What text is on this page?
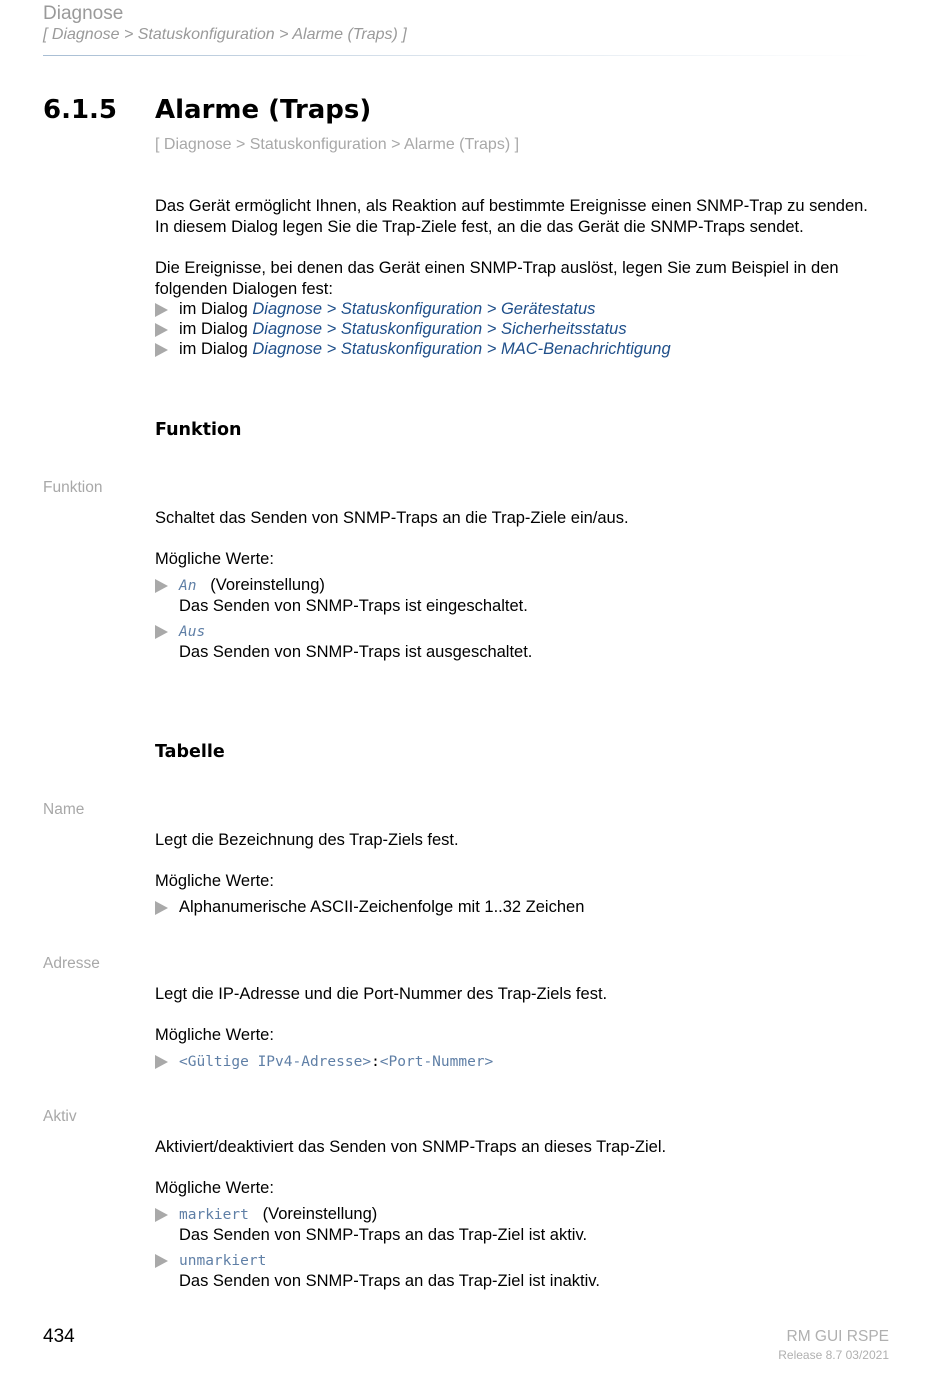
Diagnose
[ Diagnose > Statuskonfiguration > Alarme (Traps) ]
6.1.5 Alarme (Traps)
[ Diagnose > Statuskonfiguration > Alarme (Traps) ]
Das Gerät ermöglicht Ihnen, als Reaktion auf bestimmte Ereignisse einen SNMP-Trap zu senden.
In diesem Dialog legen Sie die Trap-Ziele fest, an die das Gerät die SNMP-Traps sendet.
Die Ereignisse, bei denen das Gerät einen SNMP-Trap auslöst, legen Sie zum Beispiel in den
folgenden Dialogen fest:
im Dialog Diagnose > Statuskonfiguration > Gerätestatus
im Dialog Diagnose > Statuskonfiguration > Sicherheitsstatus
im Dialog Diagnose > Statuskonfiguration > MAC-Benachrichtigung
Funktion
Funktion
Schaltet das Senden von SNMP-Traps an die Trap-Ziele ein/aus.
Mögliche Werte:
An (Voreinstellung)
Das Senden von SNMP-Traps ist eingeschaltet.
Aus
Das Senden von SNMP-Traps ist ausgeschaltet.
Tabelle
Name
Legt die Bezeichnung des Trap-Ziels fest.
Mögliche Werte:
Alphanumerische ASCII-Zeichenfolge mit 1..32 Zeichen
Adresse
Legt die IP-Adresse und die Port-Nummer des Trap-Ziels fest.
Mögliche Werte:
<Gültige IPv4-Adresse>:<Port-Nummer>
Aktiv
Aktiviert/deaktiviert das Senden von SNMP-Traps an dieses Trap-Ziel.
Mögliche Werte:
markiert (Voreinstellung)
Das Senden von SNMP-Traps an das Trap-Ziel ist aktiv.
unmarkiert
Das Senden von SNMP-Traps an das Trap-Ziel ist inaktiv.
434	RM GUI RSPE
Release 8.7 03/2021
